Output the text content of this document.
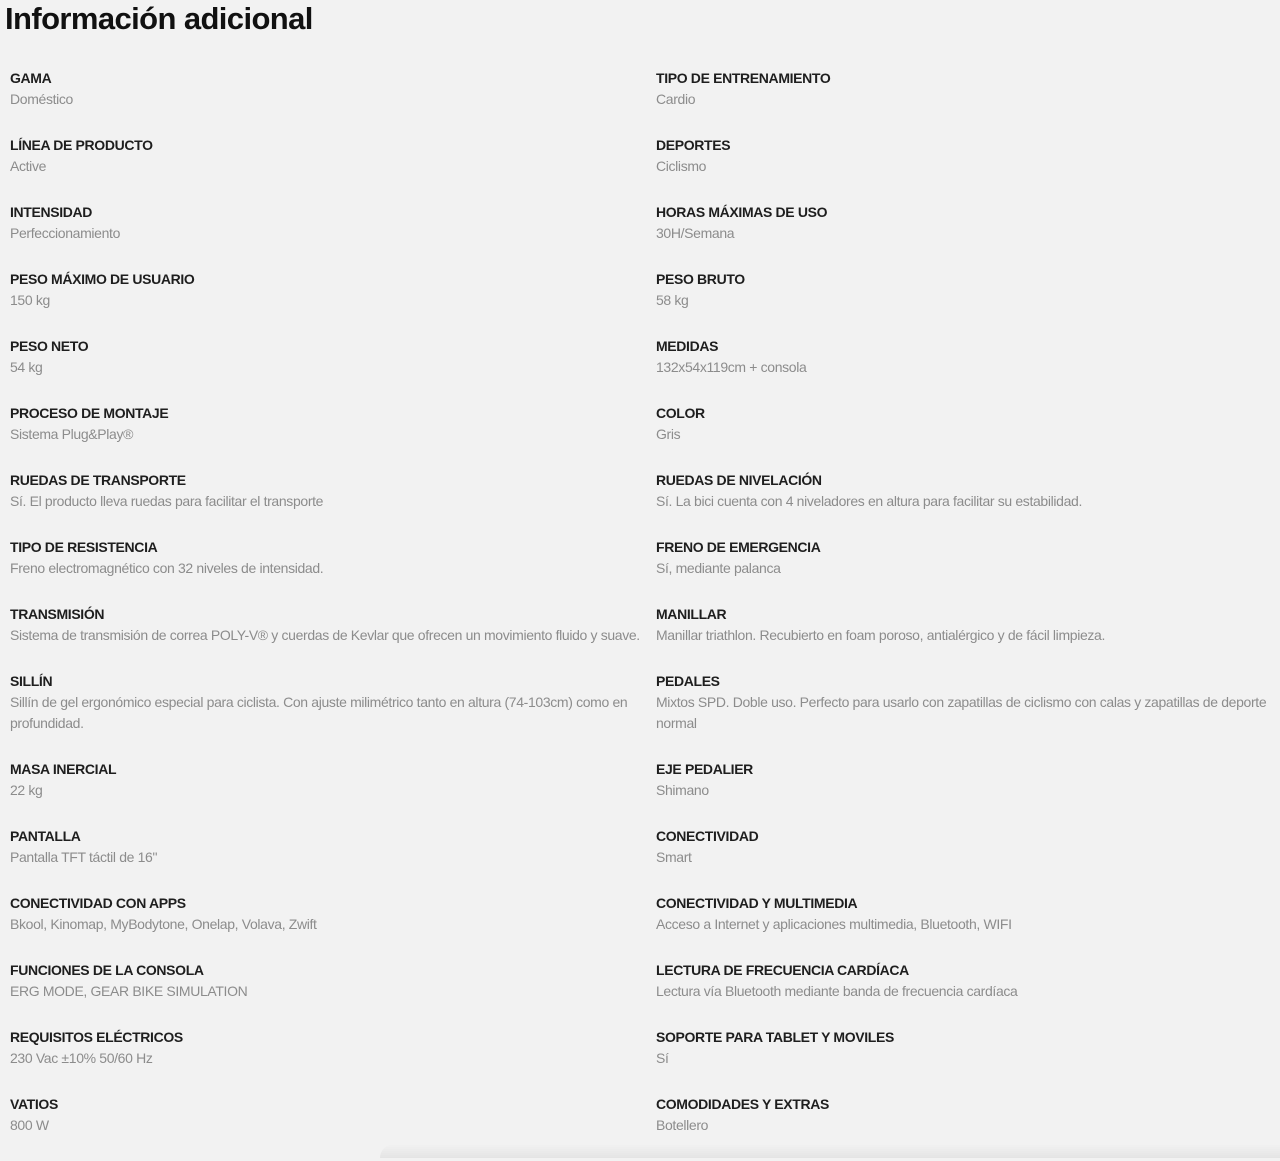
Información adicional
GAMA
Doméstico
LÍNEA DE PRODUCTO
Active
INTENSIDAD
Perfeccionamiento
PESO MÁXIMO DE USUARIO
150 kg
PESO NETO
54 kg
PROCESO DE MONTAJE
Sistema Plug&Play®
RUEDAS DE TRANSPORTE
Sí. El producto lleva ruedas para facilitar el transporte
TIPO DE RESISTENCIA
Freno electromagnético con 32 niveles de intensidad.
TRANSMISIÓN
Sistema de transmisión de correa POLY-V® y cuerdas de Kevlar que ofrecen un movimiento fluido y suave.
SILLÍN
Sillín de gel ergonómico especial para ciclista. Con ajuste milimétrico tanto en altura (74-103cm) como en profundidad.
MASA INERCIAL
22 kg
PANTALLA
Pantalla TFT táctil de 16"
CONECTIVIDAD CON APPS
Bkool, Kinomap, MyBodytone, Onelap, Volava, Zwift
FUNCIONES DE LA CONSOLA
ERG MODE, GEAR BIKE SIMULATION
REQUISITOS ELÉCTRICOS
230 Vac ±10% 50/60 Hz
VATIOS
800 W
TIPO DE ENTRENAMIENTO
Cardio
DEPORTES
Ciclismo
HORAS MÁXIMAS DE USO
30H/Semana
PESO BRUTO
58 kg
MEDIDAS
132x54x119cm + consola
COLOR
Gris
RUEDAS DE NIVELACIÓN
Sí. La bici cuenta con 4 niveladores en altura para facilitar su estabilidad.
FRENO DE EMERGENCIA
Sí, mediante palanca
MANILLAR
Manillar triathlon. Recubierto en foam poroso, antialérgico y de fácil limpieza.
PEDALES
Mixtos SPD. Doble uso. Perfecto para usarlo con zapatillas de ciclismo con calas y zapatillas de deporte normal
EJE PEDALIER
Shimano
CONECTIVIDAD
Smart
CONECTIVIDAD Y MULTIMEDIA
Acceso a Internet y aplicaciones multimedia, Bluetooth, WIFI
LECTURA DE FRECUENCIA CARDÍACA
Lectura vía Bluetooth mediante banda de frecuencia cardíaca
SOPORTE PARA TABLET Y MOVILES
Sí
COMODIDADES Y EXTRAS
Botellero
